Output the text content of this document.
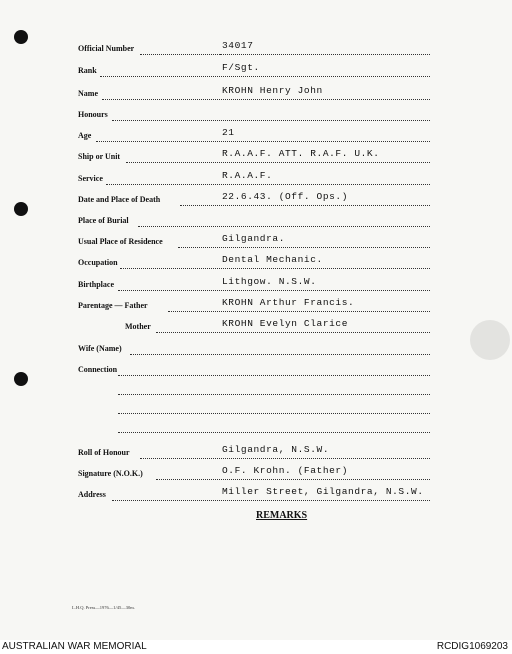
Official Number	34017
Rank	F/Sgt.
Name	KROHN Henry John
Honours
Age	21
Ship or Unit	R.A.A.F. ATT. R.A.F. U.K.
Service	R.A.A.F.
Date and Place of Death	22.6.43. (Off. Ops.)
Place of Burial
Usual Place of Residence	Gilgandra.
Occupation	Dental Mechanic.
Birthplace	Lithgow. N.S.W.
Parentage — Father	KROHN Arthur Francis.
Mother	KROHN Evelyn Clarice
Wife (Name)
Connection
Roll of Honour	Gilgandra, N.S.W.
Signature (N.O.K.)	O.F. Krohn. (Father)
Address	Miller Street, Gilgandra, N.S.W.
REMARKS
L.H.Q. Press—1976—1/45—30m.
AUSTRALIAN WAR MEMORIAL	RCDIG1069203
